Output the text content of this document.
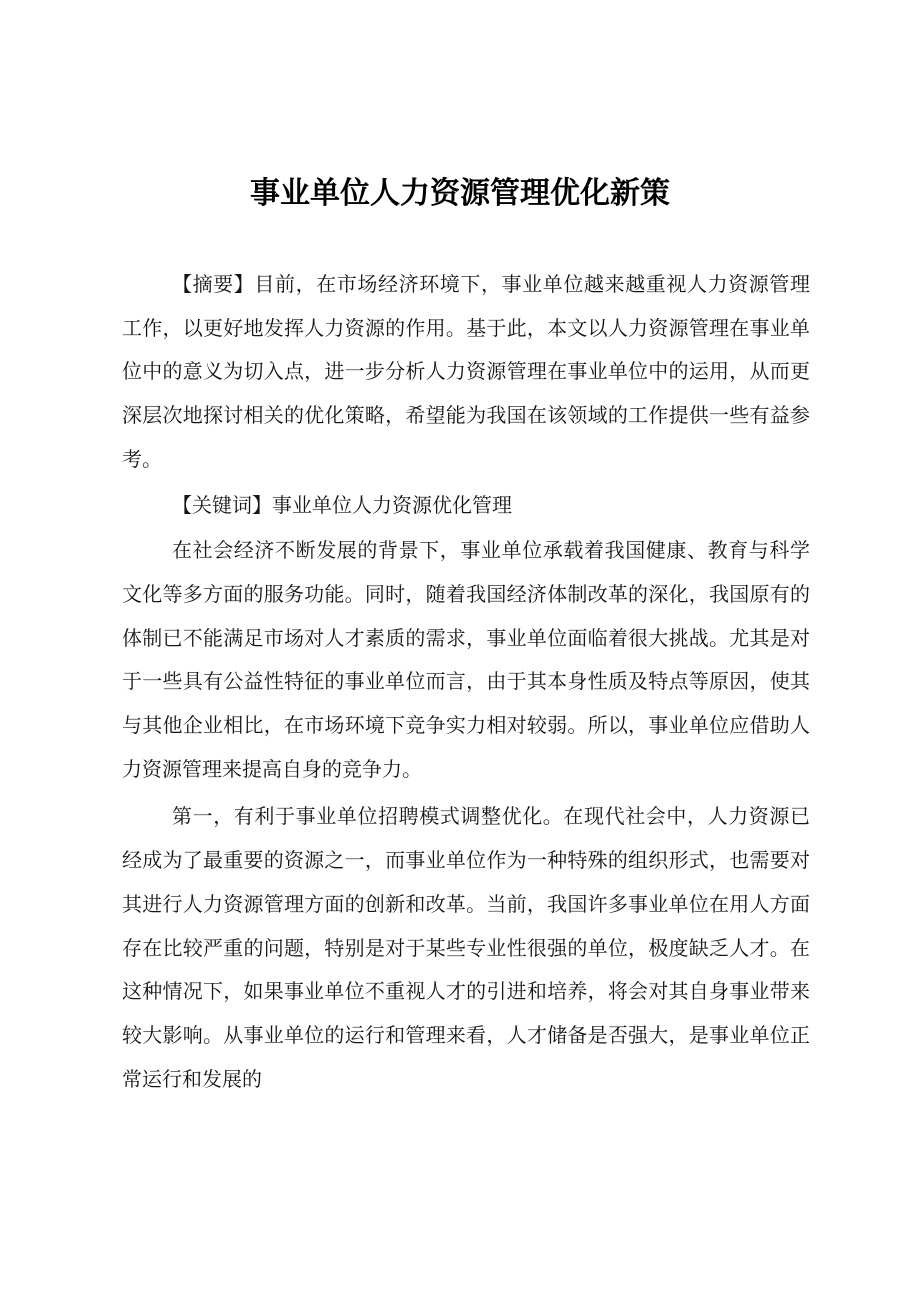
事业单位人力资源管理优化新策

【摘要】目前，在市场经济环境下，事业单位越来越重视人力资源管理工作，以更好地发挥人力资源的作用。基于此，本文以人力资源管理在事业单位中的意义为切入点，进一步分析人力资源管理在事业单位中的运用，从而更深层次地探讨相关的优化策略，希望能为我国在该领域的工作提供一些有益参考。

【关键词】事业单位人力资源优化管理

在社会经济不断发展的背景下，事业单位承载着我国健康、教育与科学文化等多方面的服务功能。同时，随着我国经济体制改革的深化，我国原有的体制已不能满足市场对人才素质的需求，事业单位面临着很大挑战。尤其是对于一些具有公益性特征的事业单位而言，由于其本身性质及特点等原因，使其与其他企业相比，在市场环境下竞争实力相对较弱。所以，事业单位应借助人力资源管理来提高自身的竞争力。

第一，有利于事业单位招聘模式调整优化。在现代社会中，人力资源已经成为了最重要的资源之一，而事业单位作为一种特殊的组织形式，也需要对其进行人力资源管理方面的创新和改革。当前，我国许多事业单位在用人方面存在比较严重的问题，特别是对于某些专业性很强的单位，极度缺乏人才。在这种情况下，如果事业单位不重视人才的引进和培养，将会对其自身事业带来较大影响。从事业单位的运行和管理来看，人才储备是否强大，是事业单位正常运行和发展的
